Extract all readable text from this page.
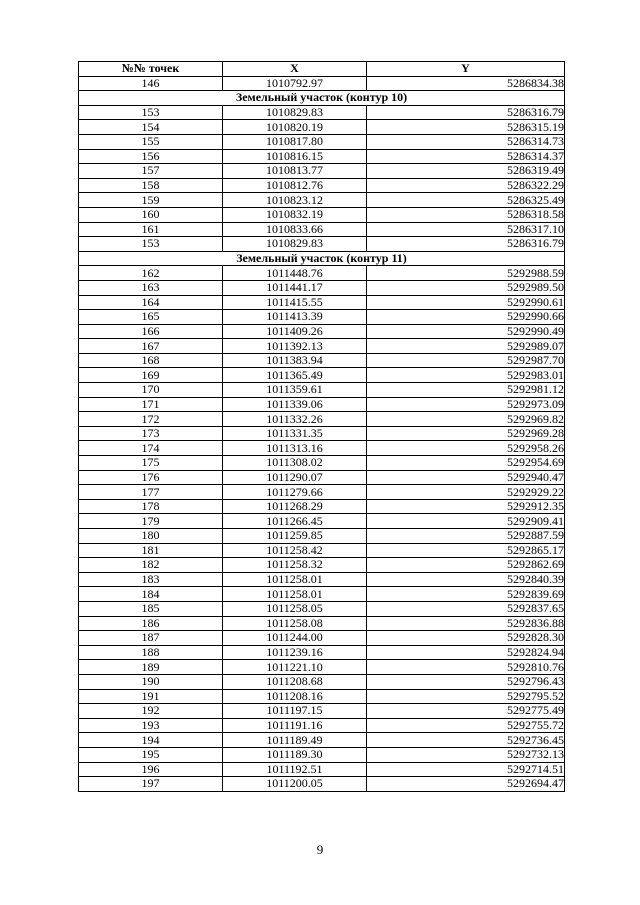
№№ точек	X	Y
146	1010792.97	5286834.38
Земельный участок (контур 10)		
153	1010829.83	5286316.79
154	1010820.19	5286315.19
155	1010817.80	5286314.73
156	1010816.15	5286314.37
157	1010813.77	5286319.49
158	1010812.76	5286322.29
159	1010823.12	5286325.49
160	1010832.19	5286318.58
161	1010833.66	5286317.10
153	1010829.83	5286316.79
Земельный участок (контур 11)		
162	1011448.76	5292988.59
163	1011441.17	5292989.50
164	1011415.55	5292990.61
165	1011413.39	5292990.66
166	1011409.26	5292990.49
167	1011392.13	5292989.07
168	1011383.94	5292987.70
169	1011365.49	5292983.01
170	1011359.61	5292981.12
171	1011339.06	5292973.09
172	1011332.26	5292969.82
173	1011331.35	5292969.28
174	1011313.16	5292958.26
175	1011308.02	5292954.69
176	1011290.07	5292940.47
177	1011279.66	5292929.22
178	1011268.29	5292912.35
179	1011266.45	5292909.41
180	1011259.85	5292887.59
181	1011258.42	5292865.17
182	1011258.32	5292862.69
183	1011258.01	5292840.39
184	1011258.01	5292839.69
185	1011258.05	5292837.65
186	1011258.08	5292836.88
187	1011244.00	5292828.30
188	1011239.16	5292824.94
189	1011221.10	5292810.76
190	1011208.68	5292796.43
191	1011208.16	5292795.52
192	1011197.15	5292775.49
193	1011191.16	5292755.72
194	1011189.49	5292736.45
195	1011189.30	5292732.13
196	1011192.51	5292714.51
197	1011200.05	5292694.47
9
